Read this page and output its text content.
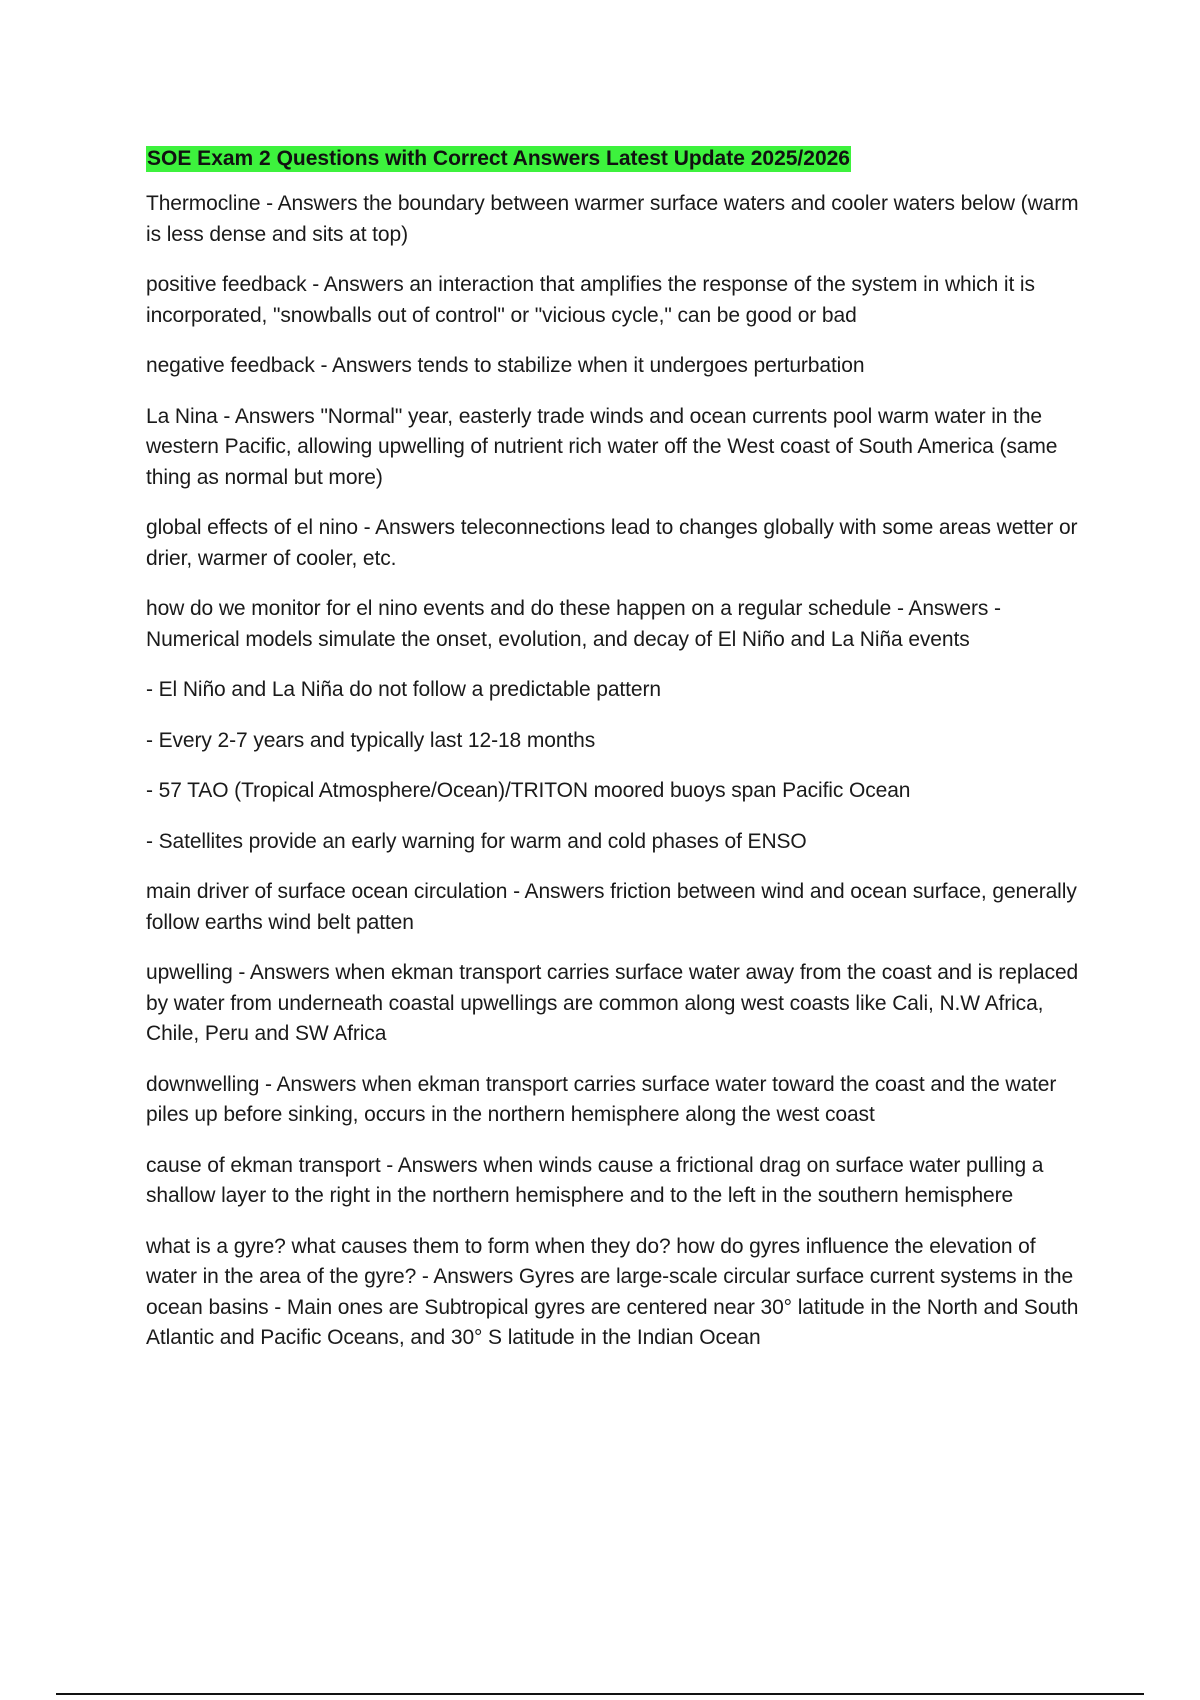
SOE Exam 2 Questions with Correct Answers Latest Update 2025/2026

Thermocline - Answers the boundary between warmer surface waters and cooler waters below (warm is less dense and sits at top)

positive feedback - Answers an interaction that amplifies the response of the system in which it is incorporated, "snowballs out of control" or "vicious cycle," can be good or bad

negative feedback - Answers tends to stabilize when it undergoes perturbation

La Nina - Answers "Normal" year, easterly trade winds and ocean currents pool warm water in the western Pacific, allowing upwelling of nutrient rich water off the West coast of South America (same thing as normal but more)

global effects of el nino - Answers teleconnections lead to changes globally with some areas wetter or drier, warmer of cooler, etc.

how do we monitor for el nino events and do these happen on a regular schedule - Answers - Numerical models simulate the onset, evolution, and decay of El Niño and La Niña events

- El Niño and La Niña do not follow a predictable pattern

- Every 2-7 years and typically last 12-18 months

- 57 TAO (Tropical Atmosphere/Ocean)/TRITON moored buoys span Pacific Ocean

- Satellites provide an early warning for warm and cold phases of ENSO

main driver of surface ocean circulation - Answers friction between wind and ocean surface, generally follow earths wind belt patten

upwelling - Answers when ekman transport carries surface water away from the coast and is replaced by water from underneath coastal upwellings are common along west coasts like Cali, N.W Africa, Chile, Peru and SW Africa

downwelling - Answers when ekman transport carries surface water toward the coast and the water piles up before sinking, occurs in the northern hemisphere along the west coast

cause of ekman transport - Answers when winds cause a frictional drag on surface water pulling a shallow layer to the right in the northern hemisphere and to the left in the southern hemisphere

what is a gyre? what causes them to form when they do? how do gyres influence the elevation of water in the area of the gyre? - Answers Gyres are large-scale circular surface current systems in the ocean basins - Main ones are Subtropical gyres are centered near 30° latitude in the North and South Atlantic and Pacific Oceans, and 30° S latitude in the Indian Ocean
